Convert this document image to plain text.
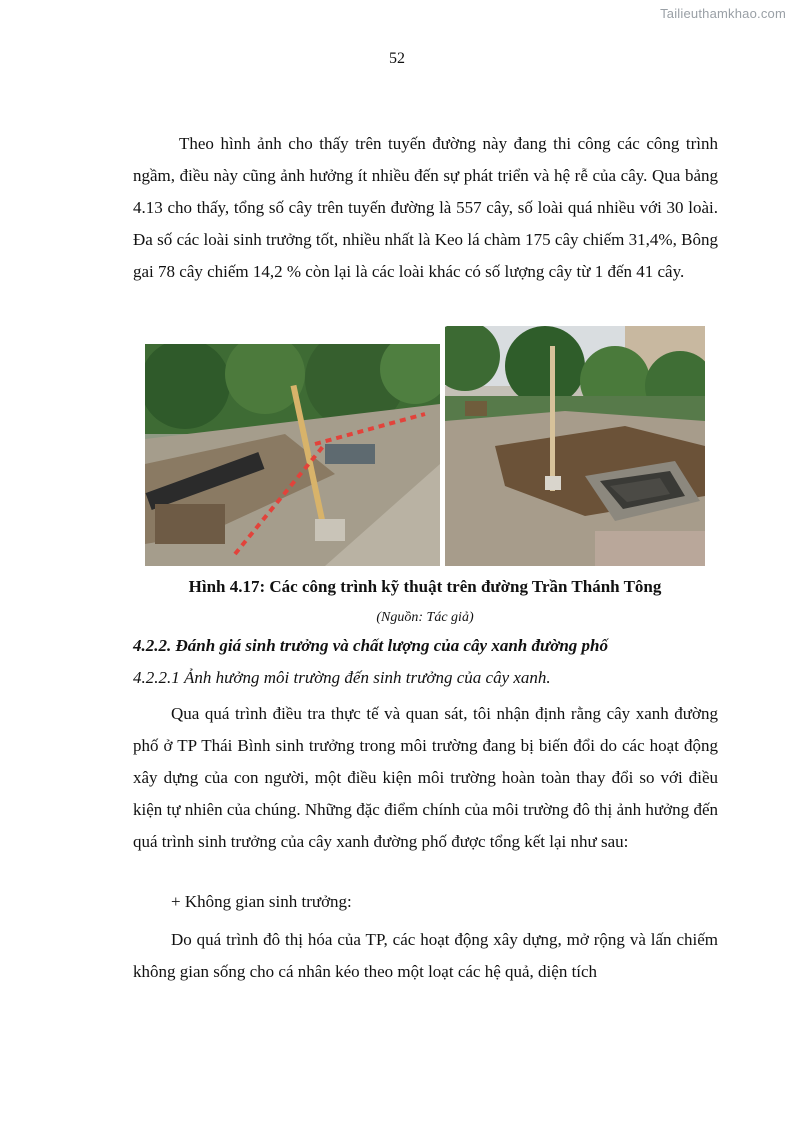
Tailieuthamkhao.com
52

Theo hình ảnh cho thấy trên tuyến đường này đang thi công các công trình ngầm, điều này cũng ảnh hưởng ít nhiều đến sự phát triển và hệ rễ của cây. Qua bảng 4.13 cho thấy, tổng số cây trên tuyến đường là 557 cây, số loài quá nhiều với 30 loài. Đa số các loài sinh trưởng tốt, nhiều nhất là Keo lá chàm 175 cây chiếm 31,4%, Bông gai 78 cây chiếm 14,2 % còn lại là các loài khác có số lượng cây từ 1 đến 41 cây.

Hình 4.17: Các công trình kỹ thuật trên đường Trần Thánh Tông
(Nguồn: Tác giả)
4.2.2. Đánh giá sinh trưởng và chất lượng của cây xanh đường phố
4.2.2.1 Ảnh hưởng môi trường đến sinh trưởng của cây xanh.

Qua quá trình điều tra thực tế và quan sát, tôi nhận định rằng cây xanh đường phố ở TP Thái Bình sinh trưởng trong môi trường đang bị biến đổi do các hoạt động xây dựng của con người, một điều kiện môi trường hoàn toàn thay đổi so với điều kiện tự nhiên của chúng. Những đặc điểm chính của môi trường đô thị ảnh hưởng đến quá trình sinh trưởng của cây xanh đường phố được tổng kết lại như sau:

+ Không gian sinh trưởng:

Do quá trình đô thị hóa của TP, các hoạt động xây dựng, mở rộng và lấn chiếm không gian sống cho cá nhân kéo theo một loạt các hệ quả, diện tích
